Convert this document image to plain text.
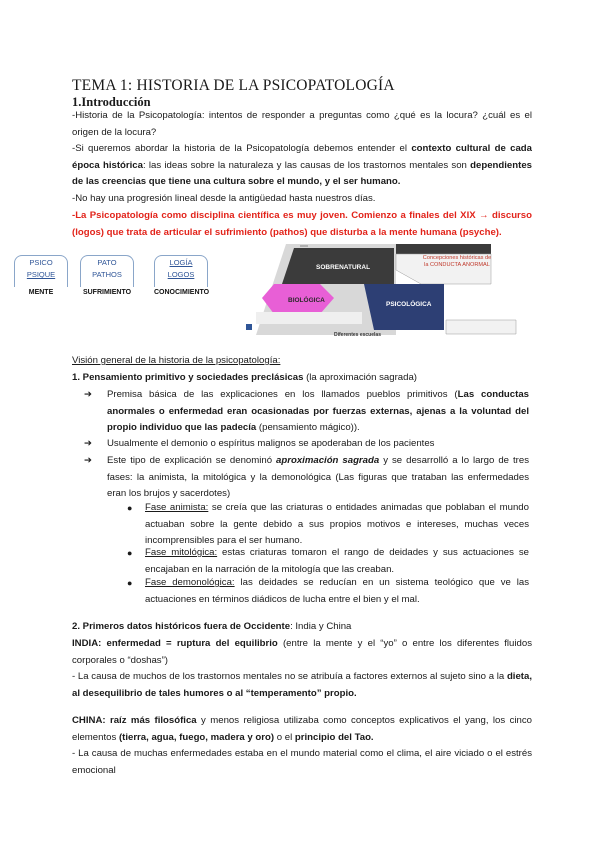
TEMA 1: HISTORIA DE LA PSICOPATOLOGÍA
1.Introducción
-Historia de la Psicopatología: intentos de responder a preguntas como ¿qué es la locura? ¿cuál es el origen de la locura?
-Si queremos abordar la historia de la Psicopatología debemos entender el contexto cultural de cada época histórica: las ideas sobre la naturaleza y las causas de los trastornos mentales son dependientes de las creencias que tiene una cultura sobre el mundo, y el ser humano.
-No hay una progresión lineal desde la antigüedad hasta nuestros días.
-La Psicopatología como disciplina científica es muy joven. Comienzo a finales del XIX → discurso (logos) que trata de articular el sufrimiento (pathos) que disturba a la mente humana (psyche).
PSICO
PSIQUE
MENTE
PATO
PATHOS
SUFRIMIENTO
LOGÍA
LOGOS
CONOCIMIENTO
SOBRENATURAL
BIOLÓGICA
PSICOLÓGICA
Concepciones históricas de la CONDUCTA ANORMAL
Diferentes escuelas
Visión general de la historia de la psicopatología:
1. Pensamiento primitivo y sociedades preclásicas (la aproximación sagrada)
➔ Premisa básica de las explicaciones en los llamados pueblos primitivos (Las conductas anormales o enfermedad eran ocasionadas por fuerzas externas, ajenas a la voluntad del propio individuo que las padecía (pensamiento mágico)).
➔ Usualmente el demonio o espíritus malignos se apoderaban de los pacientes
➔ Este tipo de explicación se denominó aproximación sagrada y se desarrolló a lo largo de tres fases: la animista, la mitológica y la demonológica (Las figuras que trataban las enfermedades eran los brujos y sacerdotes)
● Fase animista: se creía que las criaturas o entidades animadas que poblaban el mundo actuaban sobre la gente debido a sus propios motivos e intereses, muchas veces incomprensibles para el ser humano.
● Fase mitológica: estas criaturas tomaron el rango de deidades y sus actuaciones se encajaban en la narración de la mitología que las creaban.
● Fase demonológica: las deidades se reducían en un sistema teológico que ve las actuaciones en términos diádicos de lucha entre el bien y el mal.
2. Primeros datos históricos fuera de Occidente: India y China
INDIA: enfermedad = ruptura del equilibrio (entre la mente y el “yo” o entre los diferentes fluidos corporales o “doshas”)
- La causa de muchos de los trastornos mentales no se atribuía a factores externos al sujeto sino a la dieta, al desequilibrio de tales humores o al “temperamento” propio.
CHINA: raíz más filosófica y menos religiosa utilizaba como conceptos explicativos el yang, los cinco elementos (tierra, agua, fuego, madera y oro) o el principio del Tao.
- La causa de muchas enfermedades estaba en el mundo material como el clima, el aire viciado o el estrés emocional
